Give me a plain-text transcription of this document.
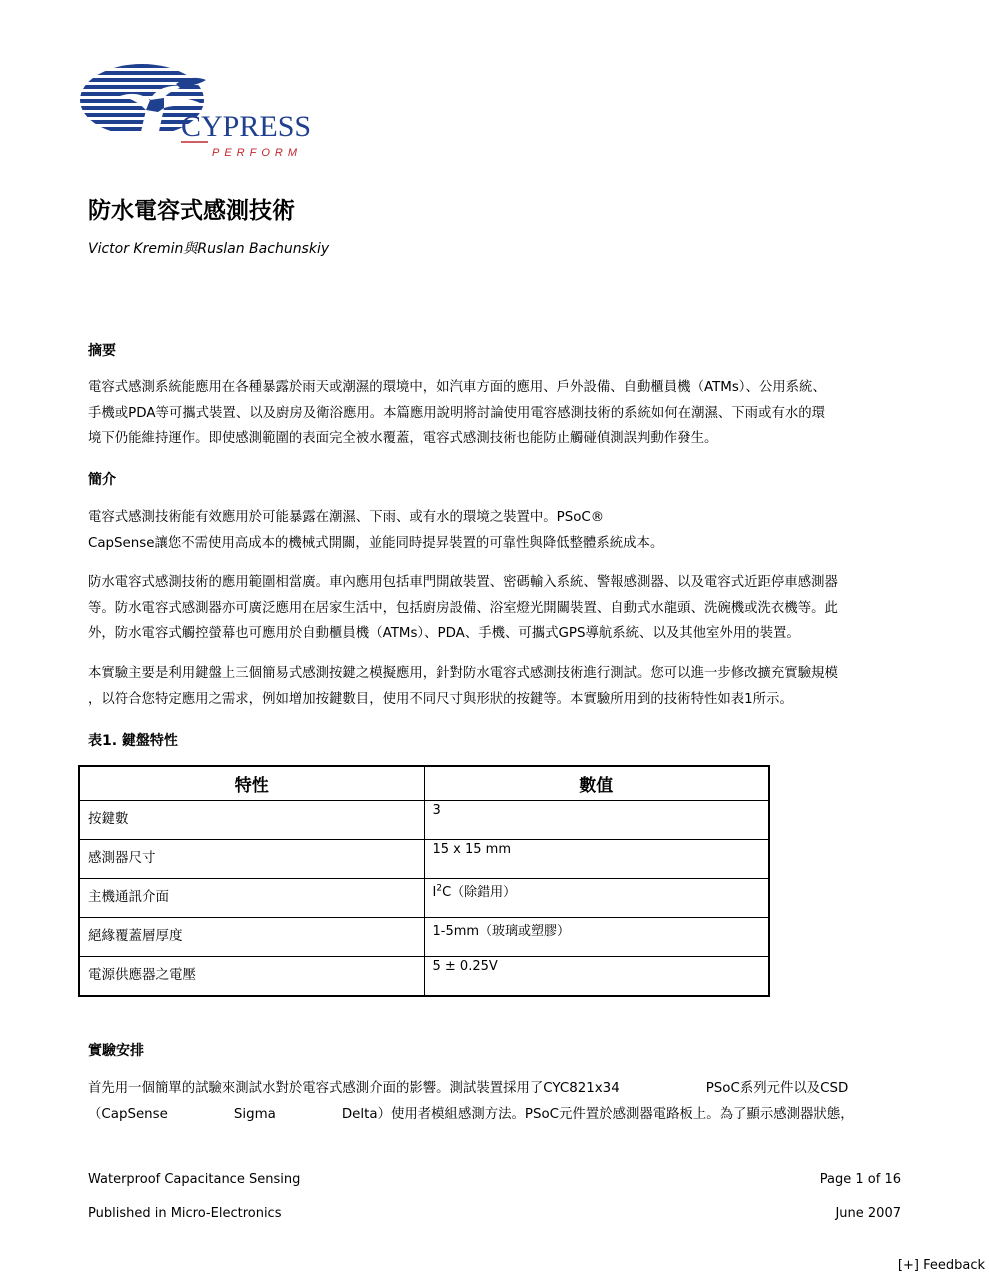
CYPRESS
PERFORM
防水電容式感測技術
Victor Kremin與Ruslan Bachunskiy
摘要

電容式感測系統能應用在各種暴露於雨天或潮濕的環境中，如汽車方面的應用、戶外設備、自動櫃員機（ATMs）、公用系統、
手機或PDA等可攜式裝置、以及廚房及衛浴應用。本篇應用說明將討論使用電容感測技術的系統如何在潮濕、下雨或有水的環
境下仍能維持運作。即使感測範圍的表面完全被水覆蓋，電容式感測技術也能防止觸碰偵測誤判動作發生。

簡介

電容式感測技術能有效應用於可能暴露在潮濕、下雨、或有水的環境之裝置中。PSoC®
CapSense讓您不需使用高成本的機械式開關，並能同時提昇裝置的可靠性與降低整體系統成本。

防水電容式感測技術的應用範圍相當廣。車內應用包括車門開啟裝置、密碼輸入系統、警報感測器、以及電容式近距停車感測器
等。防水電容式感測器亦可廣泛應用在居家生活中，包括廚房設備、浴室燈光開關裝置、自動式水龍頭、洗碗機或洗衣機等。此
外，防水電容式觸控螢幕也可應用於自動櫃員機（ATMs）、PDA、手機、可攜式GPS導航系統、以及其他室外用的裝置。

本實驗主要是利用鍵盤上三個簡易式感測按鍵之模擬應用，針對防水電容式感測技術進行測試。您可以進一步修改擴充實驗規模
，以符合您特定應用之需求，例如增加按鍵數目，使用不同尺寸與形狀的按鍵等。本實驗所用到的技術特性如表1所示。

表1. 鍵盤特性
特性	數值
按鍵數	3
感測器尺寸	15 x 15 mm
主機通訊介面	$I^2C$（除錯用）
絕緣覆蓋層厚度	1-5mm（玻璃或塑膠）
電源供應器之電壓	5 ± 0.25V
實驗安排
首先用一個簡單的試驗來測試水對於電容式感測介面的影響。測試裝置採用了CYC821x34	PSoC系列元件以及CSD
（CapSense	Sigma	Delta）使用者模組感測方法。PSoC元件置於感測器電路板上。為了顯示感測器狀態，
Waterproof Capacitance Sensing	Page 1 of 16
Published in Micro-Electronics	June 2007
[+] Feedback
